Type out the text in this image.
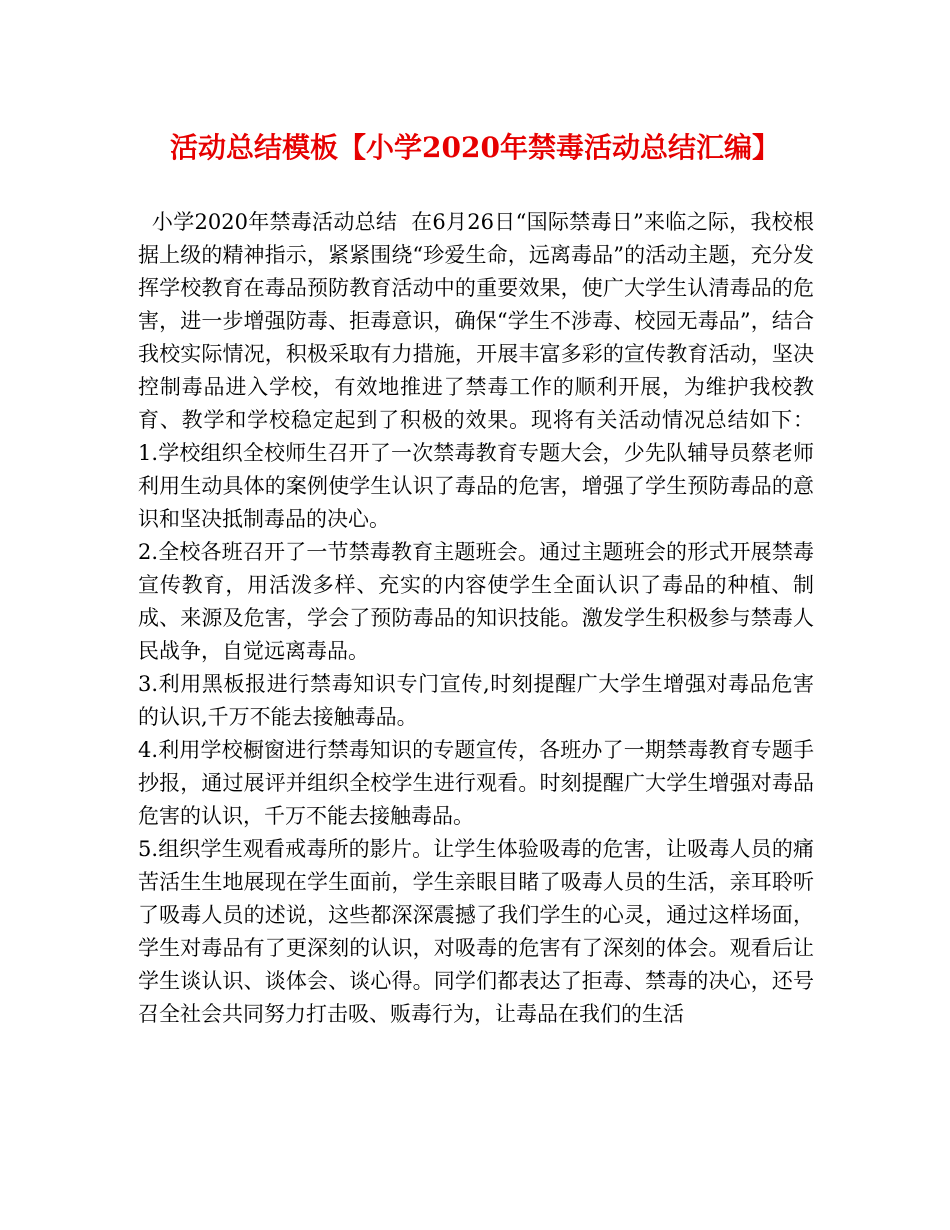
活动总结模板【小学2020年禁毒活动总结汇编】

小学2020年禁毒活动总结  在6月26日“国际禁毒日”来临之际，我校根据上级的精神指示，紧紧围绕“珍爱生命，远离毒品”的活动主题，充分发挥学校教育在毒品预防教育活动中的重要效果，使广大学生认清毒品的危害，进一步增强防毒、拒毒意识，确保“学生不涉毒、校园无毒品”，结合我校实际情况，积极采取有力措施，开展丰富多彩的宣传教育活动，坚决控制毒品进入学校，有效地推进了禁毒工作的顺利开展，为维护我校教育、教学和学校稳定起到了积极的效果。现将有关活动情况总结如下：  1.学校组织全校师生召开了一次禁毒教育专题大会，少先队辅导员蔡老师利用生动具体的案例使学生认识了毒品的危害，增强了学生预防毒品的意识和坚决抵制毒品的决心。

2.全校各班召开了一节禁毒教育主题班会。通过主题班会的形式开展禁毒宣传教育，用活泼多样、充实的内容使学生全面认识了毒品的种植、制成、来源及危害，学会了预防毒品的知识技能。激发学生积极参与禁毒人民战争，自觉远离毒品。

3.利用黑板报进行禁毒知识专门宣传,时刻提醒广大学生增强对毒品危害的认识,千万不能去接触毒品。

4.利用学校橱窗进行禁毒知识的专题宣传，各班办了一期禁毒教育专题手抄报，通过展评并组织全校学生进行观看。时刻提醒广大学生增强对毒品危害的认识，千万不能去接触毒品。

5.组织学生观看戒毒所的影片。让学生体验吸毒的危害，让吸毒人员的痛苦活生生地展现在学生面前，学生亲眼目睹了吸毒人员的生活，亲耳聆听了吸毒人员的述说，这些都深深震撼了我们学生的心灵，通过这样场面，学生对毒品有了更深刻的认识，对吸毒的危害有了深刻的体会。观看后让学生谈认识、谈体会、谈心得。同学们都表达了拒毒、禁毒的决心，还号召全社会共同努力打击吸、贩毒行为，让毒品在我们的生活
